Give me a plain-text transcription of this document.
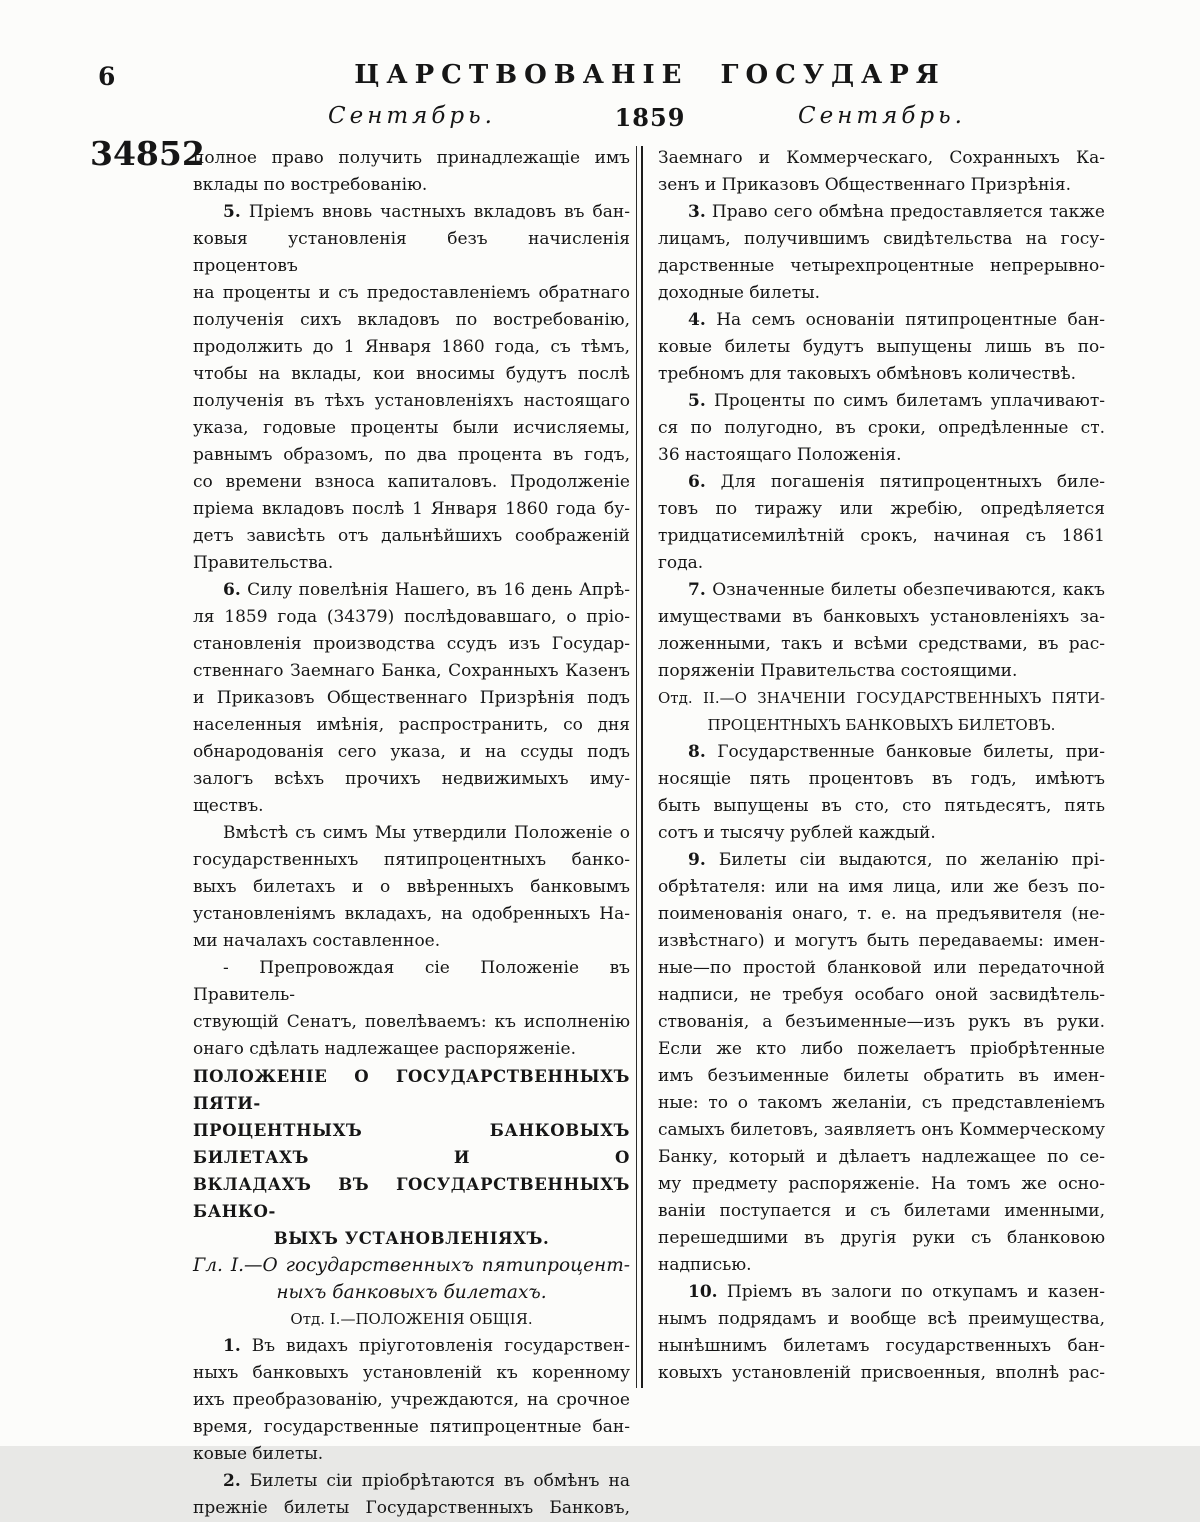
6	ЦАРСТВОВАНІЕ ГОСУДАРЯ
Сентябрь.	1859	Сентябрь.
34852
полное право получить принадлежащіе имъ
вклады по востребованію.
5. Пріемъ вновь частныхъ вкладовъ въ бан-
ковыя установленія безъ начисленія процентовъ
на проценты и съ предоставленіемъ обратнаго
полученія сихъ вкладовъ по востребованію,
продолжить до 1 Января 1860 года, съ тѣмъ,
чтобы на вклады, кои вносимы будутъ послѣ
полученія въ тѣхъ установленіяхъ настоящаго
указа, годовые проценты были исчисляемы,
равнымъ образомъ, по два процента въ годъ,
со времени взноса капиталовъ. Продолженіе
пріема вкладовъ послѣ 1 Января 1860 года бу-
детъ зависѣть отъ дальнѣйшихъ соображеній
Правительства.
6. Силу повелѣнія Нашего, въ 16 день Апрѣ-
ля 1859 года (34379) послѣдовавшаго, о пріо-
становленія производства ссудъ изъ Государ-
ственнаго Заемнаго Банка, Сохранныхъ Казенъ
и Приказовъ Общественнаго Призрѣнія подъ
населенныя имѣнія, распространить, со дня
обнародованія сего указа, и на ссуды подъ
залогъ всѣхъ прочихъ недвижимыхъ иму-
ществъ.
Вмѣстѣ съ симъ Мы утвердили Положеніе о
государственныхъ пятипроцентныхъ банко-
выхъ билетахъ и о ввѣренныхъ банковымъ
установленіямъ вкладахъ, на одобренныхъ На-
ми началахъ составленное.
- Препровождая сіе Положеніе въ Правитель-
ствующій Сенатъ, повелѣваемъ: къ исполненію
онаго сдѣлать надлежащее распоряженіе.
ПОЛОЖЕНІЕ О ГОСУДАРСТВЕННЫХЪ ПЯТИ-
ПРОЦЕНТНЫХЪ БАНКОВЫХЪ БИЛЕТАХЪ И О
ВКЛАДАХЪ ВЪ ГОСУДАРСТВЕННЫХЪ БАНКО-
ВЫХЪ УСТАНОВЛЕНІЯХЪ.
Гл. I.—О государственныхъ пятипроцент-
ныхъ банковыхъ билетахъ.
Отд. I.—ПОЛОЖЕНІЯ ОБЩІЯ.
1. Въ видахъ пріуготовленія государствен-
ныхъ банковыхъ установленій къ коренному
ихъ преобразованію, учреждаются, на срочное
время, государственные пятипроцентные бан-
ковые билеты.
2. Билеты сіи пріобрѣтаются въ обмѣнъ на
прежніе билеты Государственныхъ Банковъ,
Заемнаго и Коммерческаго, Сохранныхъ Ка-
зенъ и Приказовъ Общественнаго Призрѣнія.
3. Право сего обмѣна предоставляется также
лицамъ, получившимъ свидѣтельства на госу-
дарственные четырехпроцентные непрерывно-
доходные билеты.
4. На семъ основаніи пятипроцентные бан-
ковые билеты будутъ выпущены лишь въ по-
требномъ для таковыхъ обмѣновъ количествѣ.
5. Проценты по симъ билетамъ уплачивают-
ся по полугодно, въ сроки, опредѣленные ст.
36 настоящаго Положенія.
6. Для погашенія пятипроцентныхъ биле-
товъ по тиражу или жребію, опредѣляется
тридцатисемилѣтній срокъ, начиная съ 1861
года.
7. Означенные билеты обезпечиваются, какъ
имуществами въ банковыхъ установленіяхъ за-
ложенными, такъ и всѣми средствами, въ рас-
поряженіи Правительства состоящими.
Отд. II.—О ЗНАЧЕНІИ ГОСУДАРСТВЕННЫХЪ ПЯТИ-
ПРОЦЕНТНЫХЪ БАНКОВЫХЪ БИЛЕТОВЪ.
8. Государственные банковые билеты, при-
носящіе пять процентовъ въ годъ, имѣютъ
быть выпущены въ сто, сто пятьдесятъ, пять
сотъ и тысячу рублей каждый.
9. Билеты сіи выдаются, по желанію прі-
обрѣтателя: или на имя лица, или же безъ по-
поименованія онаго, т. е. на предъявителя (не-
извѣстнаго) и могутъ быть передаваемы: имен-
ные—по простой бланковой или передаточной
надписи, не требуя особаго оной засвидѣтель-
ствованія, а безъименные—изъ рукъ въ руки.
Если же кто либо пожелаетъ пріобрѣтенные
имъ безъименные билеты обратить въ имен-
ные: то о такомъ желаніи, съ представленіемъ
самыхъ билетовъ, заявляетъ онъ Коммерческому
Банку, который и дѣлаетъ надлежащее по се-
му предмету распоряженіе. На томъ же осно-
ваніи поступается и съ билетами именными,
перешедшими въ другія руки съ бланковою
надписью.
10. Пріемъ въ залоги по откупамъ и казен-
нымъ подрядамъ и вообще всѣ преимущества,
нынѣшнимъ билетамъ государственныхъ бан-
ковыхъ установленій присвоенныя, вполнѣ рас-
